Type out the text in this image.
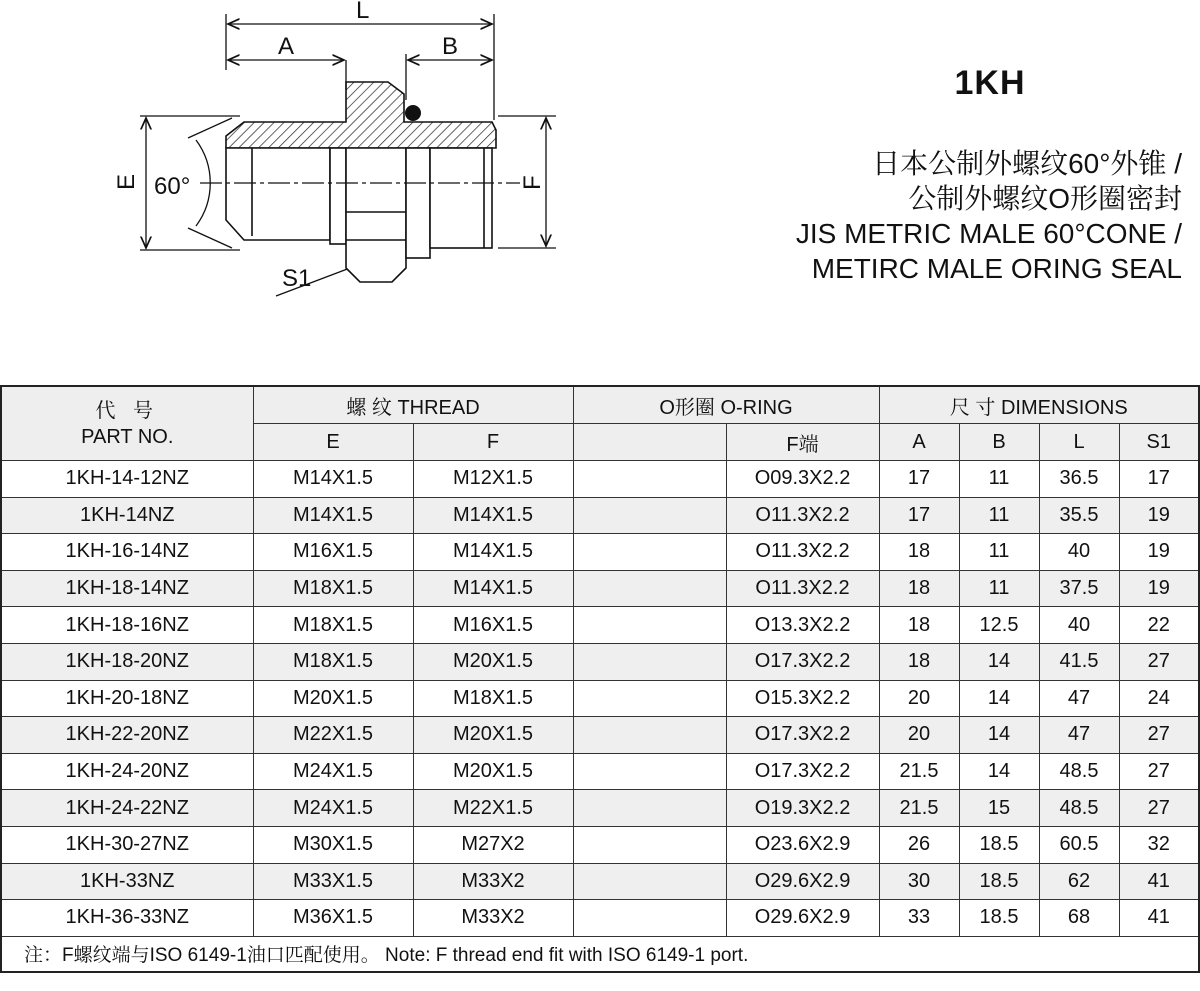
L
A	B
E	F
60°
S1
1KH
日本公制外螺纹60°外锥 /
公制外螺纹O形圈密封
JIS METRIC MALE 60°CONE /
METIRC MALE ORING SEAL
代 号
PART NO.	螺 纹 THREAD		O形圈 O-RING		尺 寸 DIMENSIONS			
	E	F		F端	A	B	L	S1
1KH-14-12NZ	M14X1.5	M12X1.5		O09.3X2.2	17	11	36.5	17
1KH-14NZ	M14X1.5	M14X1.5		O11.3X2.2	17	11	35.5	19
1KH-16-14NZ	M16X1.5	M14X1.5		O11.3X2.2	18	11	40	19
1KH-18-14NZ	M18X1.5	M14X1.5		O11.3X2.2	18	11	37.5	19
1KH-18-16NZ	M18X1.5	M16X1.5		O13.3X2.2	18	12.5	40	22
1KH-18-20NZ	M18X1.5	M20X1.5		O17.3X2.2	18	14	41.5	27
1KH-20-18NZ	M20X1.5	M18X1.5		O15.3X2.2	20	14	47	24
1KH-22-20NZ	M22X1.5	M20X1.5		O17.3X2.2	20	14	47	27
1KH-24-20NZ	M24X1.5	M20X1.5		O17.3X2.2	21.5	14	48.5	27
1KH-24-22NZ	M24X1.5	M22X1.5		O19.3X2.2	21.5	15	48.5	27
1KH-30-27NZ	M30X1.5	M27X2		O23.6X2.9	26	18.5	60.5	32
1KH-33NZ	M33X1.5	M33X2		O29.6X2.9	30	18.5	62	41
1KH-36-33NZ	M36X1.5	M33X2		O29.6X2.9	33	18.5	68	41
注：F螺纹端与ISO 6149-1油口匹配使用。 Note: F thread end fit with ISO 6149-1 port.								
